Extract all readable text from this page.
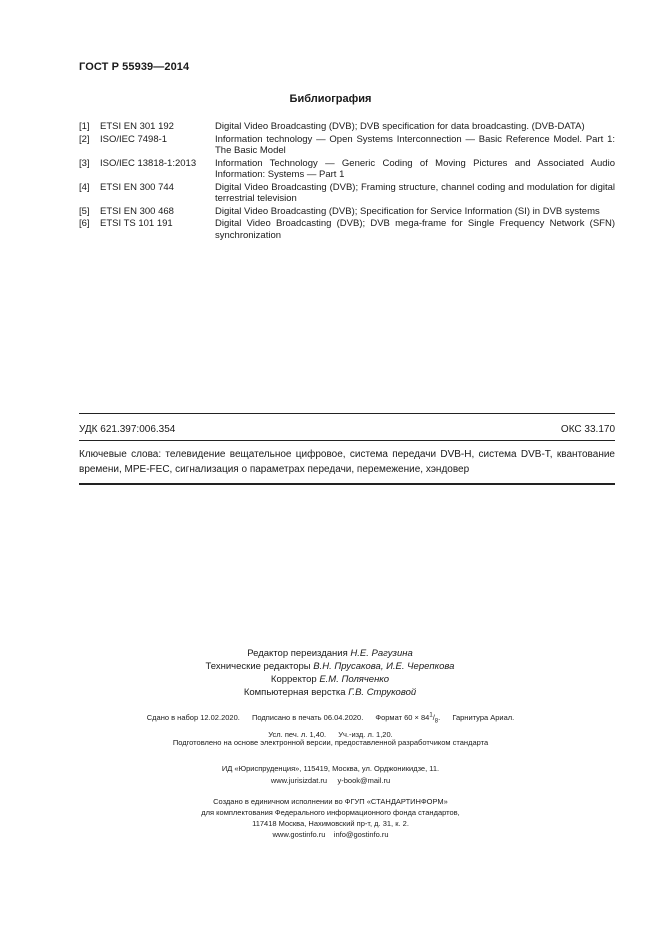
ГОСТ Р 55939—2014
Библиография
[1]	ETSI EN 301 192	Digital Video Broadcasting (DVB); DVB specification for data broadcasting. (DVB-DATA)
[2]	ISO/IEC 7498-1	Information technology — Open Systems Interconnection — Basic Reference Model. Part 1: The Basic Model
[3]	ISO/IEC 13818-1:2013	Information Technology — Generic Coding of Moving Pictures and Associated Audio Information: Systems — Part 1
[4]	ETSI EN 300 744	Digital Video Broadcasting (DVB); Framing structure, channel coding and modulation for digital terrestrial television
[5]	ETSI EN 300 468	Digital Video Broadcasting (DVB); Specification for Service Information (SI) in DVB systems
[6]	ETSI TS 101 191	Digital Video Broadcasting (DVB); DVB mega-frame for Single Frequency Network (SFN) synchronization
УДК 621.397:006.354	ОКС 33.170
Ключевые слова: телевидение вещательное цифровое, система передачи DVB-H, система DVB-T, квантование времени, МРЕ-FEC, сигнализация о параметрах передачи, перемежение, хэндовер
Редактор переиздания Н.Е. Рагузина
Технические редакторы В.Н. Прусакова, И.Е. Черепкова
Корректор Е.М. Поляченко
Компьютерная верстка Г.В. Струковой
Сдано в набор 12.02.2020. Подписано в печать 06.04.2020. Формат $60 \times 84^1/_8$. Гарнитура Ариал.
Усл. печ. л. 1,40. Уч.-изд. л. 1,20.
Подготовлено на основе электронной версии, предоставленной разработчиком стандарта
ИД «Юриспруденция», 115419, Москва, ул. Орджоникидзе, 11.
www.jurisizdat.ru y-book@mail.ru
Создано в единичном исполнении во ФГУП «СТАНДАРТИНФОРМ»
для комплектования Федерального информационного фонда стандартов,
117418 Москва, Нахимовский пр-т, д. 31, к. 2.
www.gostinfo.ru info@gostinfo.ru
